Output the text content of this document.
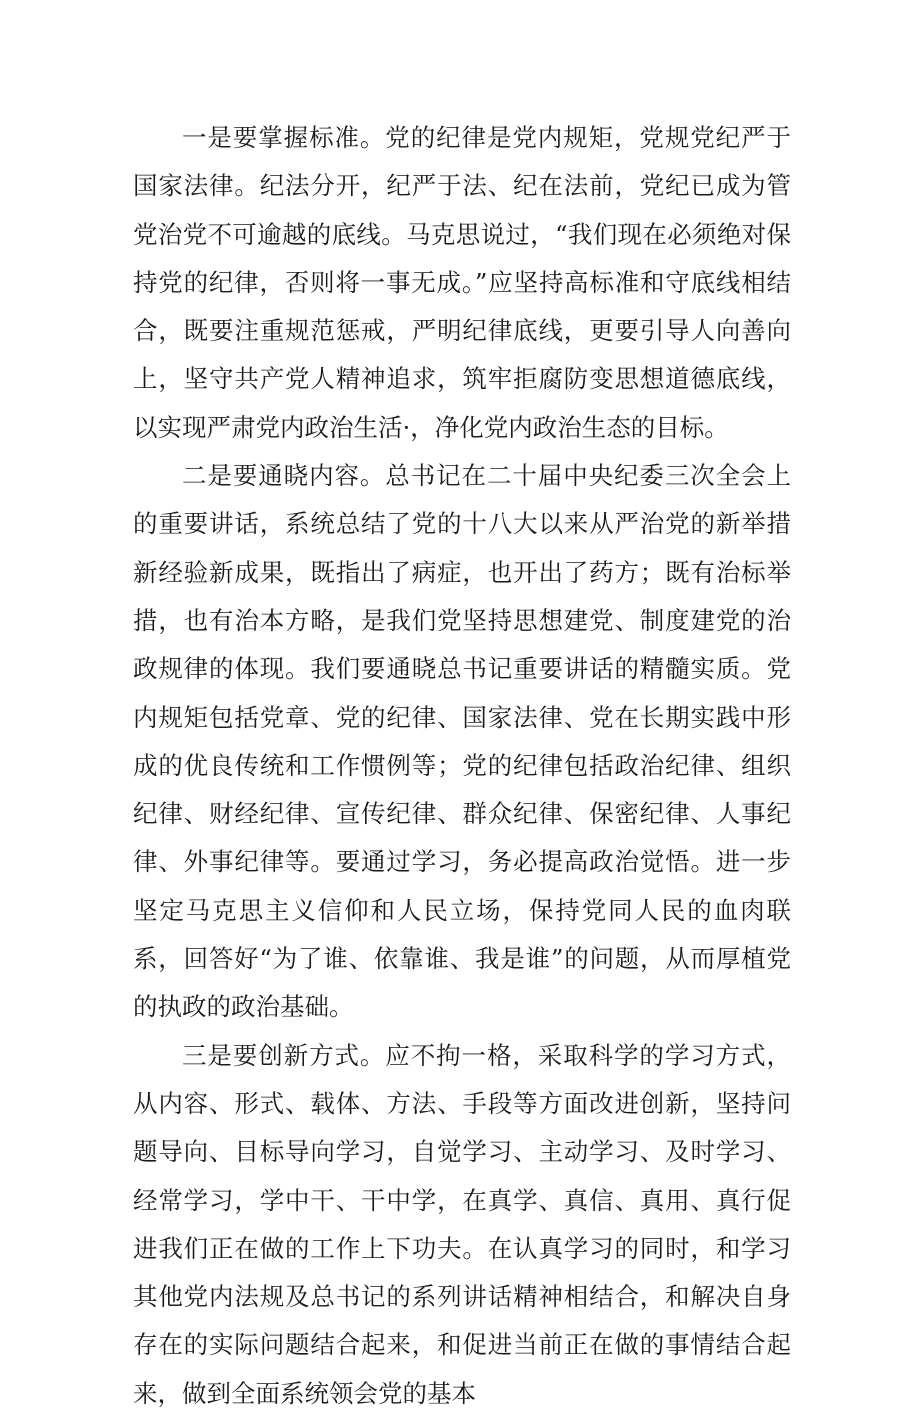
一是要掌握标准。党的纪律是党内规矩，党规党纪严于国家法律。纪法分开，纪严于法、纪在法前，党纪已成为管党治党不可逾越的底线。马克思说过，“我们现在必须绝对保持党的纪律，否则将一事无成。”应坚持高标准和守底线相结合，既要注重规范惩戒，严明纪律底线，更要引导人向善向上，坚守共产党人精神追求，筑牢拒腐防变思想道德底线，以实现严肃党内政治生活·，净化党内政治生态的目标。

二是要通晓内容。总书记在二十届中央纪委三次全会上的重要讲话，系统总结了党的十八大以来从严治党的新举措新经验新成果，既指出了病症，也开出了药方；既有治标举措，也有治本方略，是我们党坚持思想建党、制度建党的治政规律的体现。我们要通晓总书记重要讲话的精髓实质。党内规矩包括党章、党的纪律、国家法律、党在长期实践中形成的优良传统和工作惯例等；党的纪律包括政治纪律、组织纪律、财经纪律、宣传纪律、群众纪律、保密纪律、人事纪律、外事纪律等。要通过学习，务必提高政治觉悟。进一步坚定马克思主义信仰和人民立场，保持党同人民的血肉联系，回答好“为了谁、依靠谁、我是谁”的问题，从而厚植党的执政的政治基础。

三是要创新方式。应不拘一格，采取科学的学习方式，从内容、形式、载体、方法、手段等方面改进创新，坚持问题导向、目标导向学习，自觉学习、主动学习、及时学习、经常学习，学中干、干中学，在真学、真信、真用、真行促进我们正在做的工作上下功夫。在认真学习的同时，和学习其他党内法规及总书记的系列讲话精神相结合，和解决自身存在的实际问题结合起来，和促进当前正在做的事情结合起来，做到全面系统领会党的基本
